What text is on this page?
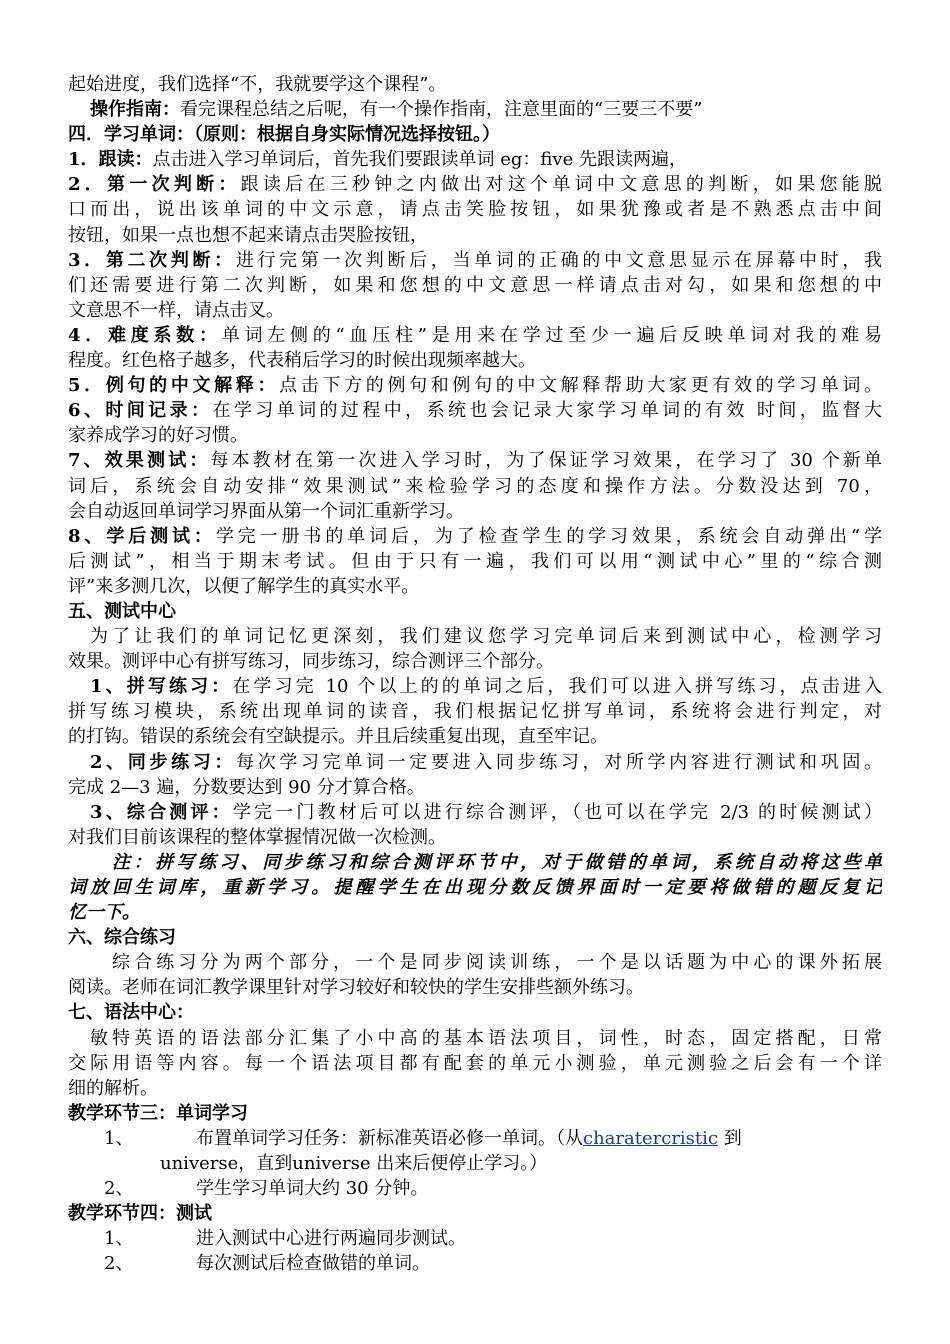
起始进度，我们选择“不，我就要学这个课程”。
操作指南：看完课程总结之后呢，有一个操作指南，注意里面的“三要三不要”
四．学习单词：（原则：根据自身实际情况选择按钮。）
1．跟读：点击进入学习单词后，首先我们要跟读单词 eg：five 先跟读两遍，
2．第一次判断：跟读后在三秒钟之内做出对这个单词中文意思的判断，如果您能脱
口而出，说出该单词的中文示意，请点击笑脸按钮，如果犹豫或者是不熟悉点击中间
按钮，如果一点也想不起来请点击哭脸按钮，
3．第二次判断：进行完第一次判断后，当单词的正确的中文意思显示在屏幕中时，我
们还需要进行第二次判断，如果和您想的中文意思一样请点击对勾，如果和您想的中
文意思不一样，请点击叉。
4．难度系数：单词左侧的“血压柱”是用来在学过至少一遍后反映单词对我的难易
程度。红色格子越多，代表稍后学习的时候出现频率越大。
5．例句的中文解释：点击下方的例句和例句的中文解释帮助大家更有效的学习单词。
6、时间记录：在学习单词的过程中，系统也会记录大家学习单词的有效 时间，监督大
家养成学习的好习惯。
7、效果测试：每本教材在第一次进入学习时，为了保证学习效果，在学习了 30 个新单
词后，系统会自动安排“效果测试”来检验学习的态度和操作方法。分数没达到 70，
会自动返回单词学习界面从第一个词汇重新学习。
8、学后测试：学完一册书的单词后，为了检查学生的学习效果，系统会自动弹出“学
后测试”，相当于期末考试。但由于只有一遍，我们可以用“测试中心”里的“综合测
评”来多测几次，以便了解学生的真实水平。
五、测试中心
为了让我们的单词记忆更深刻，我们建议您学习完单词后来到测试中心，检测学习
效果。测评中心有拼写练习，同步练习，综合测评三个部分。
1、拼写练习：在学习完 10 个以上的的单词之后，我们可以进入拼写练习，点击进入
拼写练习模块，系统出现单词的读音，我们根据记忆拼写单词，系统将会进行判定，对
的打钩。错误的系统会有空缺提示。并且后续重复出现，直至牢记。
2、同步练习：每次学习完单词一定要进入同步练习，对所学内容进行测试和巩固。
完成 2—3 遍，分数要达到 90 分才算合格。
3、综合测评：学完一门教材后可以进行综合测评，（也可以在学完 2/3 的时候测试）
对我们目前该课程的整体掌握情况做一次检测。
注：拼写练习、同步练习和综合测评环节中，对于做错的单词，系统自动将这些单
词放回生词库，重新学习。提醒学生在出现分数反馈界面时一定要将做错的题反复记
忆一下。
六、综合练习
综合练习分为两个部分，一个是同步阅读训练，一个是以话题为中心的课外拓展
阅读。老师在词汇教学课里针对学习较好和较快的学生安排些额外练习。
七、语法中心：
敏特英语的语法部分汇集了小中高的基本语法项目，词性，时态，固定搭配，日常
交际用语等内容。每一个语法项目都有配套的单元小测验，单元测验之后会有一个详
细的解析。
教学环节三：单词学习
1、	布置单词学习任务：新标准英语必修一单词。（从charatercristic 到
universe，直到universe 出来后便停止学习。）
2、	学生学习单词大约 30 分钟。
教学环节四：测试
1、	进入测试中心进行两遍同步测试。
2、	每次测试后检查做错的单词。
